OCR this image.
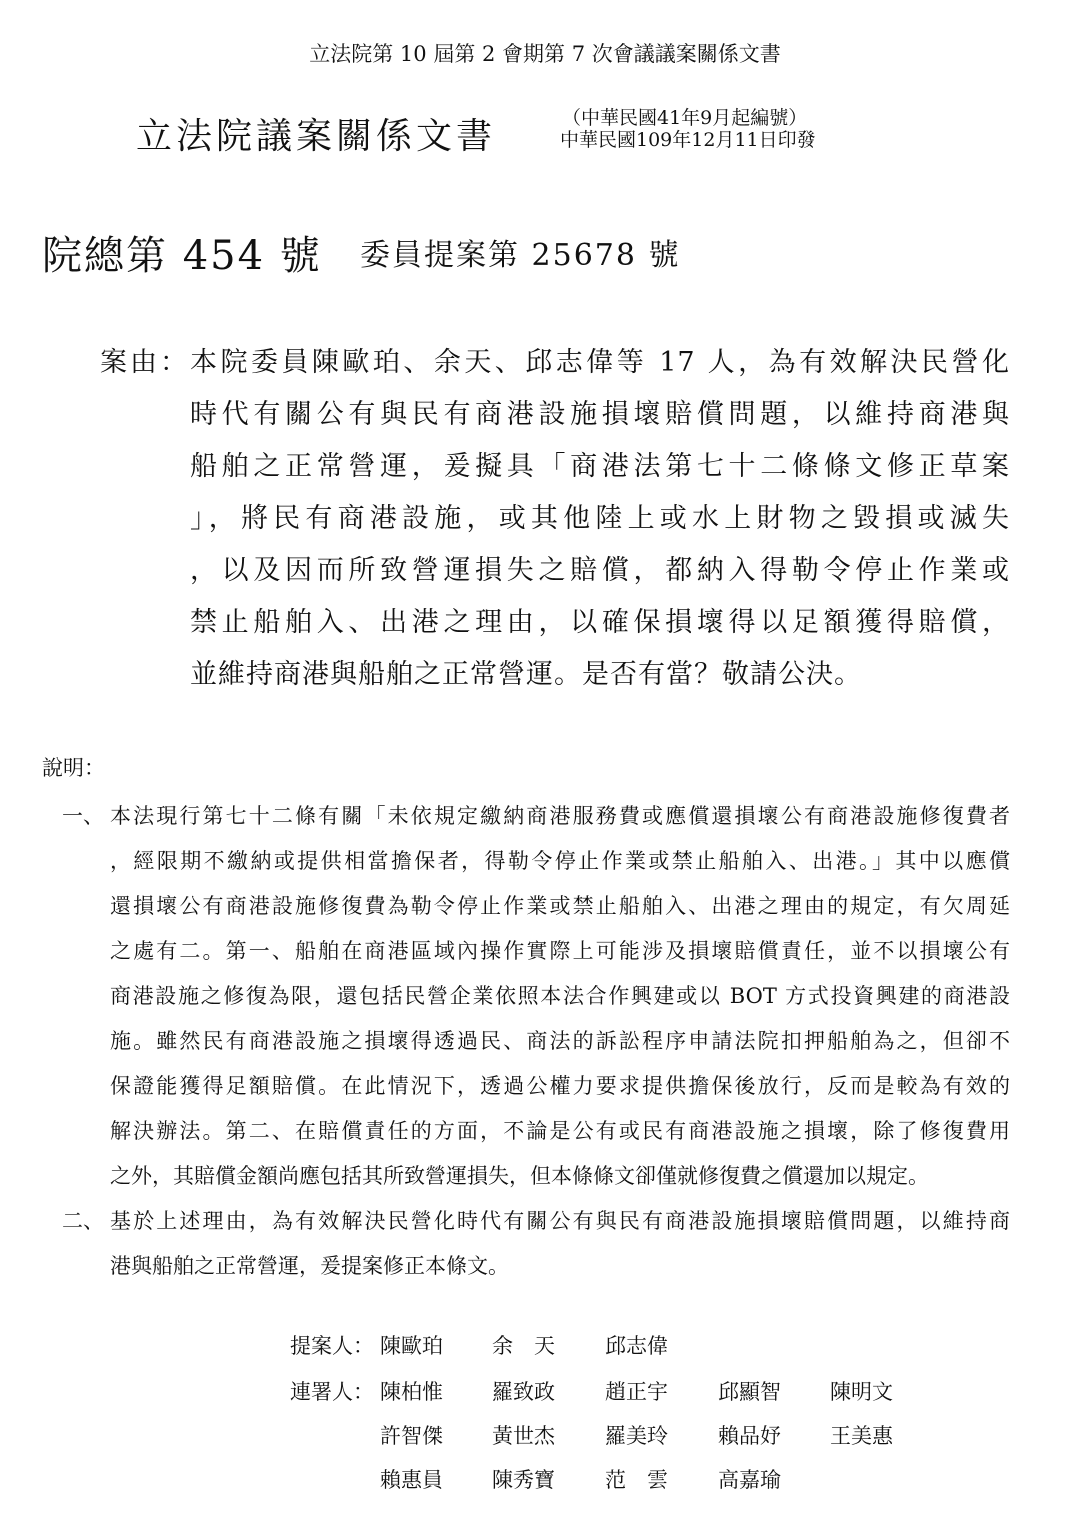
立法院第 10 屆第 2 會期第 7 次會議議案關係文書
立法院議案關係文書	（中華民國41年9月起編號）
中華民國109年12月11日印發
院總第 454 號 委員提案第 25678 號
案由： 本院委員陳歐珀、余天、邱志偉等 17 人，為有效解決民營化
時代有關公有與民有商港設施損壞賠償問題，以維持商港與
船舶之正常營運，爰擬具「商港法第七十二條條文修正草案
」，將民有商港設施，或其他陸上或水上財物之毀損或滅失
，以及因而所致營運損失之賠償，都納入得勒令停止作業或
禁止船舶入、出港之理由，以確保損壞得以足額獲得賠償，
並維持商港與船舶之正常營運。是否有當？敬請公決。
說明：
一、 本法現行第七十二條有關「未依規定繳納商港服務費或應償還損壞公有商港設施修復費者
，經限期不繳納或提供相當擔保者，得勒令停止作業或禁止船舶入、出港。」其中以應償
還損壞公有商港設施修復費為勒令停止作業或禁止船舶入、出港之理由的規定，有欠周延
之處有二。第一、船舶在商港區域內操作實際上可能涉及損壞賠償責任，並不以損壞公有
商港設施之修復為限，還包括民營企業依照本法合作興建或以 BOT 方式投資興建的商港設
施。雖然民有商港設施之損壞得透過民、商法的訴訟程序申請法院扣押船舶為之，但卻不
保證能獲得足額賠償。在此情況下，透過公權力要求提供擔保後放行，反而是較為有效的
解決辦法。第二、在賠償責任的方面，不論是公有或民有商港設施之損壞，除了修復費用
之外，其賠償金額尚應包括其所致營運損失，但本條條文卻僅就修復費之償還加以規定。
二、 基於上述理由，為有效解決民營化時代有關公有與民有商港設施損壞賠償問題，以維持商
港與船舶之正常營運，爰提案修正本條文。
提案人： 陳歐珀 余　天 邱志偉
連署人： 陳柏惟 羅致政 趙正宇 邱顯智 陳明文
許智傑 黃世杰 羅美玲 賴品妤 王美惠
賴惠員 陳秀寶 范　雲 高嘉瑜
